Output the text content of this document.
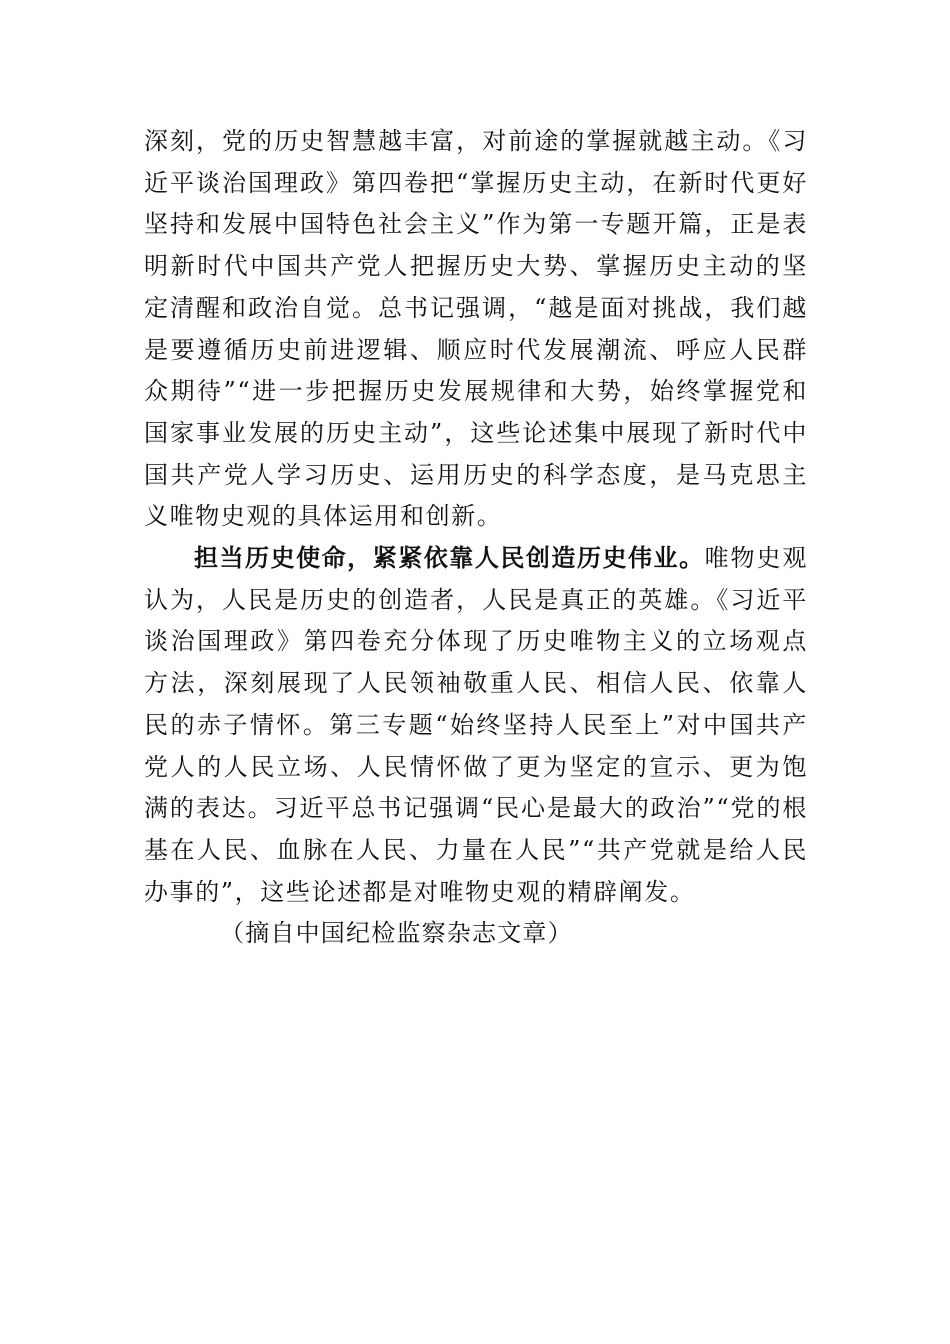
深刻，党的历史智慧越丰富，对前途的掌握就越主动。《习近平谈治国理政》第四卷把“掌握历史主动，在新时代更好坚持和发展中国特色社会主义”作为第一专题开篇，正是表明新时代中国共产党人把握历史大势、掌握历史主动的坚定清醒和政治自觉。总书记强调，“越是面对挑战，我们越是要遵循历史前进逻辑、顺应时代发展潮流、呼应人民群众期待”“进一步把握历史发展规律和大势，始终掌握党和国家事业发展的历史主动”，这些论述集中展现了新时代中国共产党人学习历史、运用历史的科学态度，是马克思主义唯物史观的具体运用和创新。

担当历史使命，紧紧依靠人民创造历史伟业。唯物史观认为，人民是历史的创造者，人民是真正的英雄。《习近平谈治国理政》第四卷充分体现了历史唯物主义的立场观点方法，深刻展现了人民领袖敬重人民、相信人民、依靠人民的赤子情怀。第三专题“始终坚持人民至上”对中国共产党人的人民立场、人民情怀做了更为坚定的宣示、更为饱满的表达。习近平总书记强调“民心是最大的政治”“党的根基在人民、血脉在人民、力量在人民”“共产党就是给人民办事的”，这些论述都是对唯物史观的精辟阐发。

（摘自中国纪检监察杂志文章）
